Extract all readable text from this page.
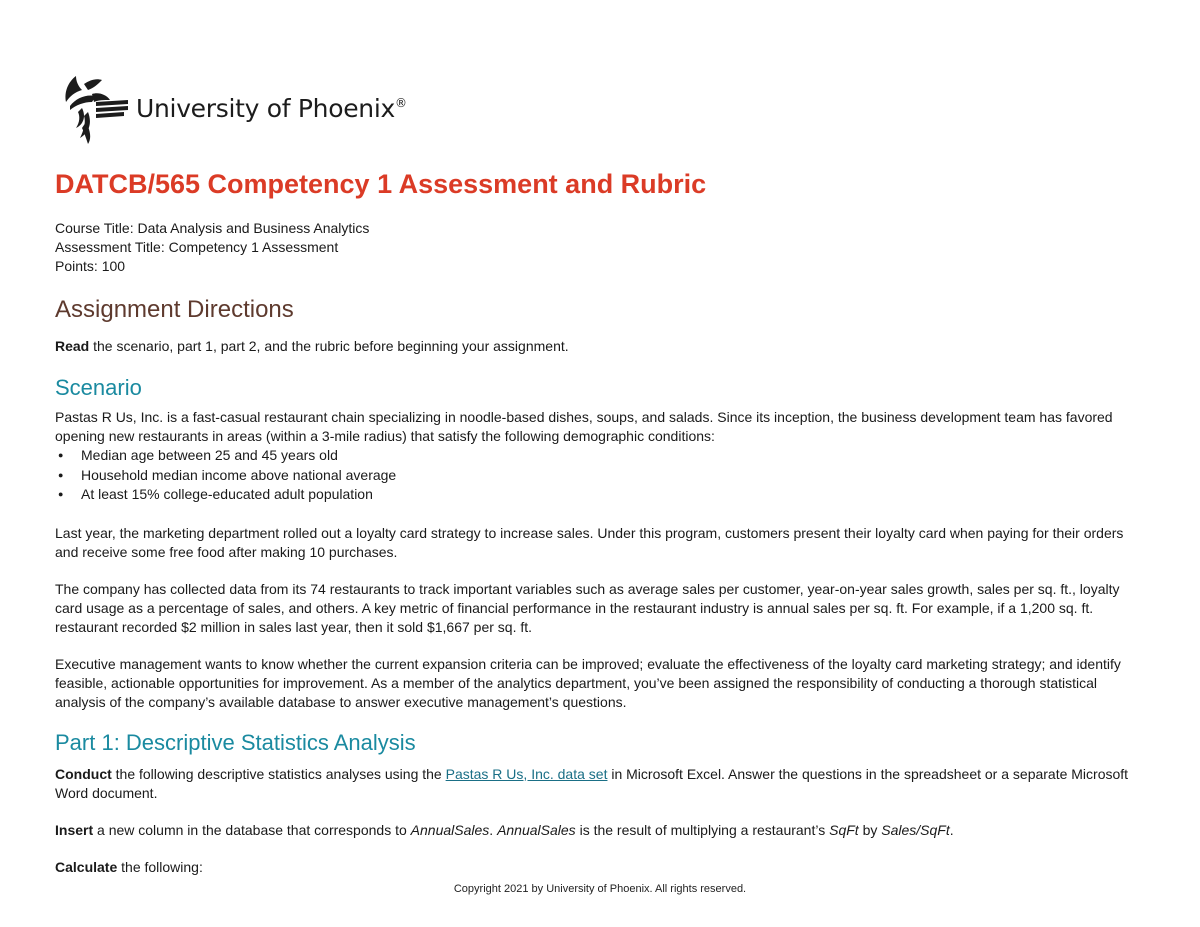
University of Phoenix®
DATCB/565 Competency 1 Assessment and Rubric

Course Title: Data Analysis and Business Analytics

Assessment Title: Competency 1 Assessment

Points: 100

Assignment Directions

Read the scenario, part 1, part 2, and the rubric before beginning your assignment.

Scenario

Pastas R Us, Inc. is a fast-casual restaurant chain specializing in noodle-based dishes, soups, and salads. Since its inception, the business development team has favored opening new restaurants in areas (within a 3-mile radius) that satisfy the following demographic conditions:

● Median age between 25 and 45 years old
● Household median income above national average
● At least 15% college-educated adult population

Last year, the marketing department rolled out a loyalty card strategy to increase sales. Under this program, customers present their loyalty card when paying for their orders and receive some free food after making 10 purchases.

The company has collected data from its 74 restaurants to track important variables such as average sales per customer, year-on-year sales growth, sales per sq. ft., loyalty card usage as a percentage of sales, and others. A key metric of financial performance in the restaurant industry is annual sales per sq. ft. For example, if a 1,200 sq. ft. restaurant recorded $2 million in sales last year, then it sold $1,667 per sq. ft.

Executive management wants to know whether the current expansion criteria can be improved; evaluate the effectiveness of the loyalty card marketing strategy; and identify feasible, actionable opportunities for improvement. As a member of the analytics department, you’ve been assigned the responsibility of conducting a thorough statistical analysis of the company’s available database to answer executive management’s questions.

Part 1: Descriptive Statistics Analysis

Conduct the following descriptive statistics analyses using the Pastas R Us, Inc. data set in Microsoft Excel. Answer the questions in the spreadsheet or a separate Microsoft Word document.

Insert a new column in the database that corresponds to AnnualSales. AnnualSales is the result of multiplying a restaurant’s SqFt by Sales/SqFt.

Calculate the following:

Copyright 2021 by University of Phoenix. All rights reserved.
